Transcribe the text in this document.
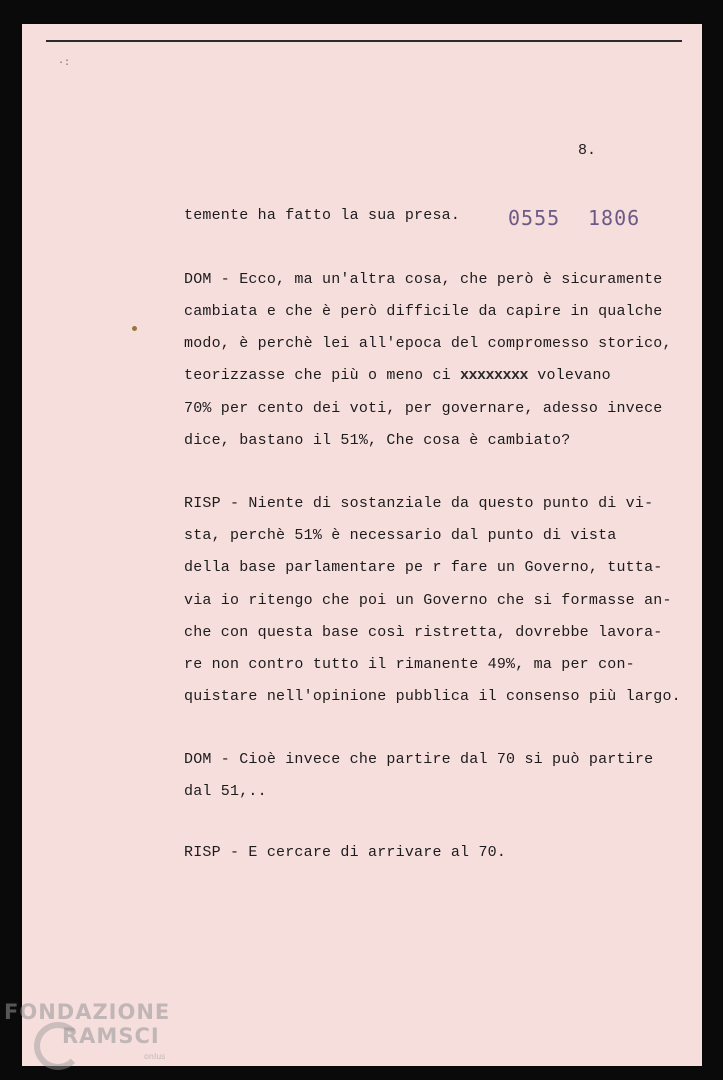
·:
8.
0555 1806
temente ha fatto la sua presa.
DOM - Ecco, ma un'altra cosa, che però è sicuramente
cambiata e che è però difficile da capire in qualche
modo, è perchè lei all'epoca del compromesso storico,
teorizzasse che più o meno ci xxxxxxxx volevano
70% per cento dei voti, per governare, adesso invece
dice, bastano il 51%, Che cosa è cambiato?
RISP - Niente di sostanziale da questo punto di vi-
sta, perchè 51% è necessario dal punto di vista
della base parlamentare pe r fare un Governo, tutta-
via io ritengo che poi un Governo che si formasse an-
che con questa base così ristretta, dovrebbe lavora-
re non contro tutto il rimanente 49%, ma per con-
quistare nell'opinione pubblica il consenso più largo.
DOM - Cioè invece che partire dal 70 si può partire
dal 51,..
RISP - E cercare di arrivare al 70.
FONDAZIONE
RAMSCI
onlus
